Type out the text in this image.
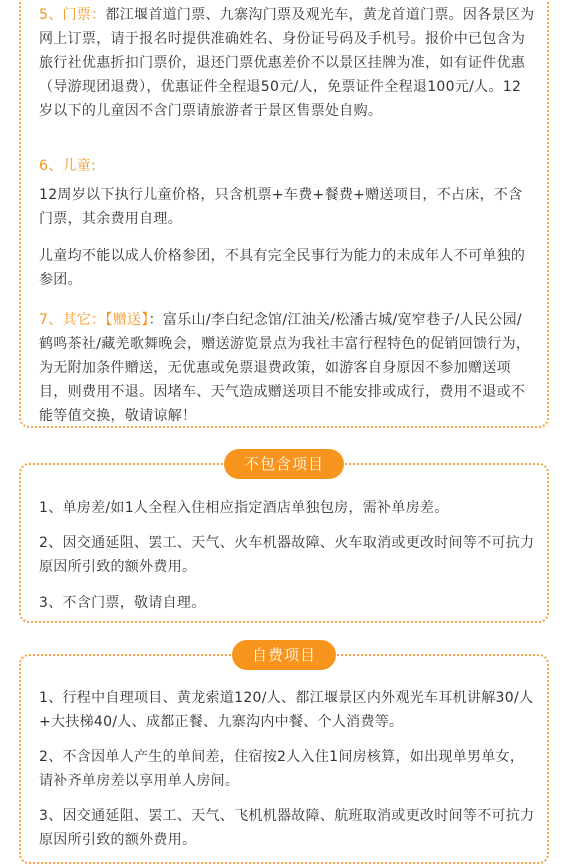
5、门票：都江堰首道门票、九寨沟门票及观光车，黄龙首道门票。因各景区为网上订票，请于报名时提供准确姓名、身份证号码及手机号。报价中已包含为旅行社优惠折扣门票价，退还门票优惠差价不以景区挂牌为准，如有证件优惠（导游现团退费），优惠证件全程退50元/人，免票证件全程退100元/人。12岁以下的儿童因不含门票请旅游者于景区售票处自购。

6、儿童:

12周岁以下执行儿童价格，只含机票+车费+餐费+赠送项目，不占床，不含门票，其余费用自理。

儿童均不能以成人价格参团，不具有完全民事行为能力的未成年人不可单独的参团。

7、其它：【赠送】：富乐山/李白纪念馆/江油关/松潘古城/宽窄巷子/人民公园/鹤鸣茶社/藏羌歌舞晚会，赠送游览景点为我社丰富行程特色的促销回馈行为，为无附加条件赠送，无优惠或免票退费政策，如游客自身原因不参加赠送项目，则费用不退。因堵车、天气造成赠送项目不能安排或成行，费用不退或不能等值交换，敬请谅解！

不包含项目

1、单房差/如1人全程入住相应指定酒店单独包房，需补单房差。

2、因交通延阻、罢工、天气、火车机器故障、火车取消或更改时间等不可抗力原因所引致的额外费用。

3、不含门票，敬请自理。

自费项目

1、行程中自理项目、黄龙索道120/人、都江堰景区内外观光车耳机讲解30/人+大扶梯40/人、成都正餐、九寨沟内中餐、个人消费等。

2、不含因单人产生的单间差，住宿按2人入住1间房核算，如出现单男单女，请补齐单房差以享用单人房间。

3、因交通延阻、罢工、天气、飞机机器故障、航班取消或更改时间等不可抗力原因所引致的额外费用。
